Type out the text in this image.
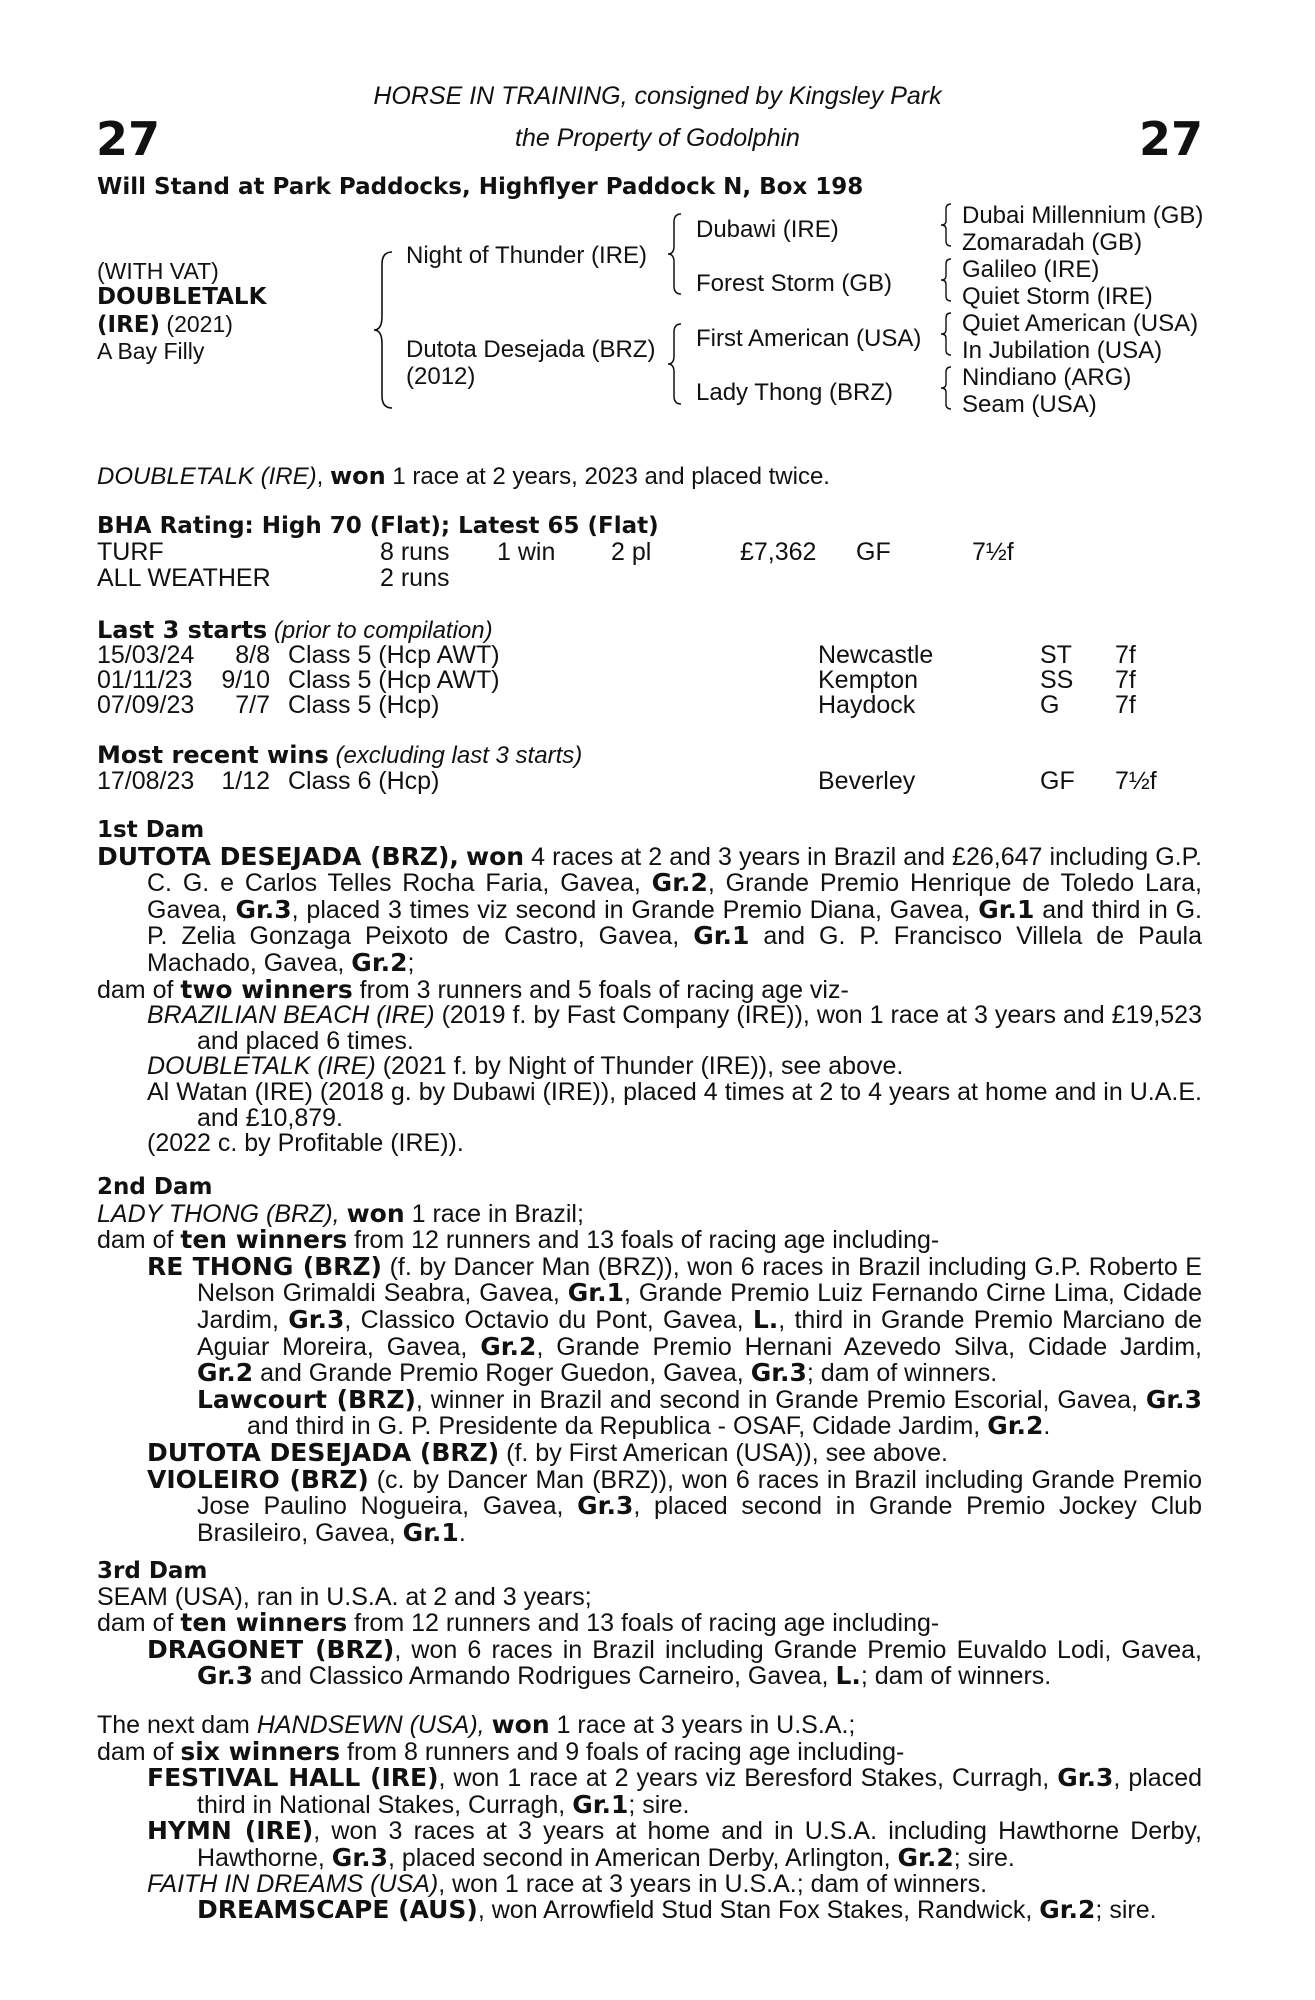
27	27
HORSE IN TRAINING, consigned by Kingsley Park
the Property of Godolphin
Will Stand at Park Paddocks, Highflyer Paddock N, Box 198
(WITH VAT)
DOUBLETALK
(IRE) (2021)
A Bay Filly
Night of Thunder (IRE)
Dutota Desejada (BRZ)
(2012)
Dubawi (IRE)
Forest Storm (GB)
First American (USA)
Lady Thong (BRZ)
Dubai Millennium (GB)
Zomaradah (GB)
Galileo (IRE)
Quiet Storm (IRE)
Quiet American (USA)
In Jubilation (USA)
Nindiano (ARG)
Seam (USA)
DOUBLETALK (IRE), won 1 race at 2 years, 2023 and placed twice.
BHA Rating: High 70 (Flat); Latest 65 (Flat)
TURF	8 runs 1 win 2 pl	£7,362 GF	7½f
ALL WEATHER	2 runs
Last 3 starts (prior to compilation)
15/03/24	8/8 Class 5 (Hcp AWT)	Newcastle	ST 7f
01/11/23	9/10 Class 5 (Hcp AWT)	Kempton	SS 7f
07/09/23	7/7 Class 5 (Hcp)	Haydock	G 7f
Most recent wins (excluding last 3 starts)
17/08/23	1/12 Class 6 (Hcp)	Beverley	GF 7½f

1st Dam

DUTOTA DESEJADA (BRZ), won 4 races at 2 and 3 years in Brazil and £26,647 including G.P. C. G. e Carlos Telles Rocha Faria, Gavea, Gr.2, Grande Premio Henrique de Toledo Lara, Gavea, Gr.3, placed 3 times viz second in Grande Premio Diana, Gavea, Gr.1 and third in G. P. Zelia Gonzaga Peixoto de Castro, Gavea, Gr.1 and G. P. Francisco Villela de Paula Machado, Gavea, Gr.2;

dam of two winners from 3 runners and 5 foals of racing age viz-

BRAZILIAN BEACH (IRE) (2019 f. by Fast Company (IRE)), won 1 race at 3 years and £19,523 and placed 6 times.

DOUBLETALK (IRE) (2021 f. by Night of Thunder (IRE)), see above.

Al Watan (IRE) (2018 g. by Dubawi (IRE)), placed 4 times at 2 to 4 years at home and in U.A.E. and £10,879.

(2022 c. by Profitable (IRE)).

2nd Dam

LADY THONG (BRZ), won 1 race in Brazil;

dam of ten winners from 12 runners and 13 foals of racing age including-

RE THONG (BRZ) (f. by Dancer Man (BRZ)), won 6 races in Brazil including G.P. Roberto E Nelson Grimaldi Seabra, Gavea, Gr.1, Grande Premio Luiz Fernando Cirne Lima, Cidade Jardim, Gr.3, Classico Octavio du Pont, Gavea, L., third in Grande Premio Marciano de Aguiar Moreira, Gavea, Gr.2, Grande Premio Hernani Azevedo Silva, Cidade Jardim, Gr.2 and Grande Premio Roger Guedon, Gavea, Gr.3; dam of winners.

Lawcourt (BRZ), winner in Brazil and second in Grande Premio Escorial, Gavea, Gr.3 and third in G. P. Presidente da Republica - OSAF, Cidade Jardim, Gr.2.

DUTOTA DESEJADA (BRZ) (f. by First American (USA)), see above.

VIOLEIRO (BRZ) (c. by Dancer Man (BRZ)), won 6 races in Brazil including Grande Premio Jose Paulino Nogueira, Gavea, Gr.3, placed second in Grande Premio Jockey Club Brasileiro, Gavea, Gr.1.

3rd Dam

SEAM (USA), ran in U.S.A. at 2 and 3 years;

dam of ten winners from 12 runners and 13 foals of racing age including-

DRAGONET (BRZ), won 6 races in Brazil including Grande Premio Euvaldo Lodi, Gavea, Gr.3 and Classico Armando Rodrigues Carneiro, Gavea, L.; dam of winners.

The next dam HANDSEWN (USA), won 1 race at 3 years in U.S.A.;

dam of six winners from 8 runners and 9 foals of racing age including-

FESTIVAL HALL (IRE), won 1 race at 2 years viz Beresford Stakes, Curragh, Gr.3, placed third in National Stakes, Curragh, Gr.1; sire.

HYMN (IRE), won 3 races at 3 years at home and in U.S.A. including Hawthorne Derby, Hawthorne, Gr.3, placed second in American Derby, Arlington, Gr.2; sire.

FAITH IN DREAMS (USA), won 1 race at 3 years in U.S.A.; dam of winners.

DREAMSCAPE (AUS), won Arrowfield Stud Stan Fox Stakes, Randwick, Gr.2; sire.
